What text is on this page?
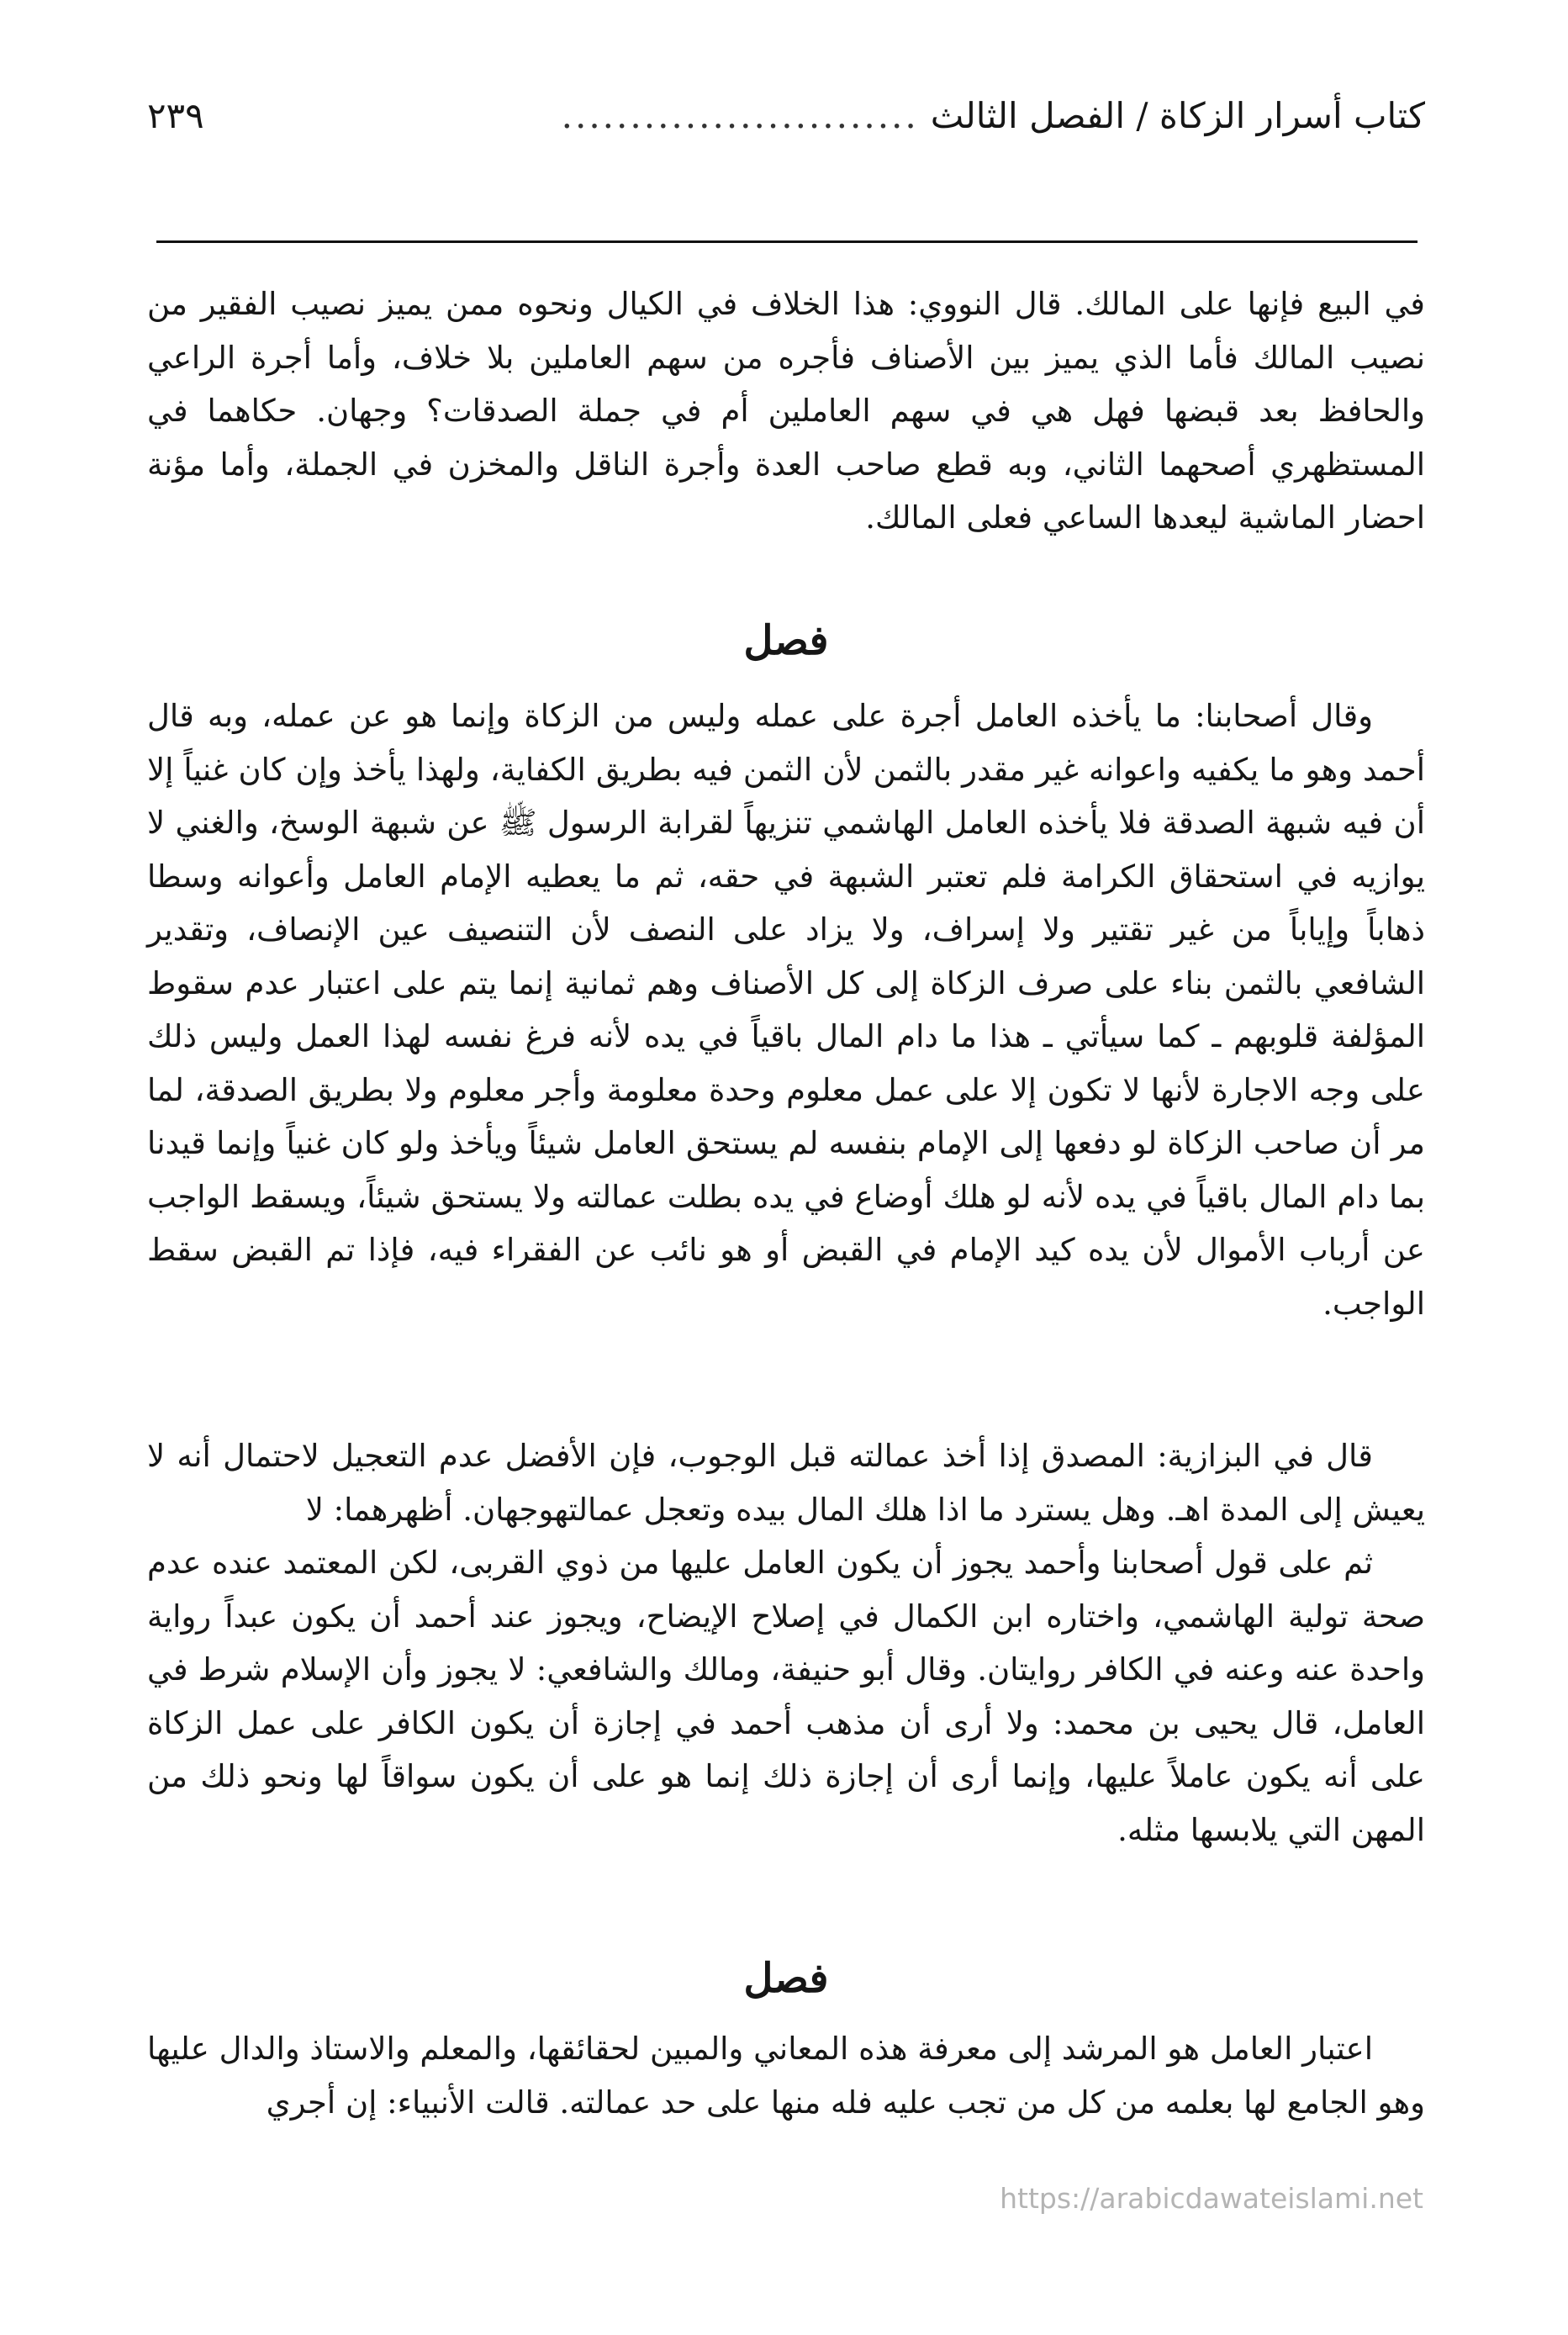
كتاب أسرار الزكاة / الفصل الثالث
..........................
٢٣٩

في البيع فإنها على المالك. قال النووي: هذا الخلاف في الكيال ونحوه ممن يميز نصيب الفقير من نصيب المالك فأما الذي يميز بين الأصناف فأجره من سهم العاملين بلا خلاف، وأما أجرة الراعي والحافظ بعد قبضها فهل هي في سهم العاملين أم في جملة الصدقات؟ وجهان. حكاهما في المستظهري أصحهما الثاني، وبه قطع صاحب العدة وأجرة الناقل والمخزن في الجملة، وأما مؤنة احضار الماشية ليعدها الساعي فعلى المالك.

فصل

وقال أصحابنا: ما يأخذه العامل أجرة على عمله وليس من الزكاة وإنما هو عن عمله، وبه قال أحمد وهو ما يكفيه واعوانه غير مقدر بالثمن لأن الثمن فيه بطريق الكفاية، ولهذا يأخذ وإن كان غنياً إلا أن فيه شبهة الصدقة فلا يأخذه العامل الهاشمي تنزيهاً لقرابة الرسول ﷺ عن شبهة الوسخ، والغني لا يوازيه في استحقاق الكرامة فلم تعتبر الشبهة في حقه، ثم ما يعطيه الإمام العامل وأعوانه وسطا ذهاباً وإياباً من غير تقتير ولا إسراف، ولا يزاد على النصف لأن التنصيف عين الإنصاف، وتقدير الشافعي بالثمن بناء على صرف الزكاة إلى كل الأصناف وهم ثمانية إنما يتم على اعتبار عدم سقوط المؤلفة قلوبهم ـ كما سيأتي ـ هذا ما دام المال باقياً في يده لأنه فرغ نفسه لهذا العمل وليس ذلك على وجه الاجارة لأنها لا تكون إلا على عمل معلوم وحدة معلومة وأجر معلوم ولا بطريق الصدقة، لما مر أن صاحب الزكاة لو دفعها إلى الإمام بنفسه لم يستحق العامل شيئاً ويأخذ ولو كان غنياً وإنما قيدنا بما دام المال باقياً في يده لأنه لو هلك أوضاع في يده بطلت عمالته ولا يستحق شيئاً، ويسقط الواجب عن أرباب الأموال لأن يده كيد الإمام في القبض أو هو نائب عن الفقراء فيه، فإذا تم القبض سقط الواجب.

قال في البزازية: المصدق إذا أخذ عمالته قبل الوجوب، فإن الأفضل عدم التعجيل لاحتمال أنه لا يعيش إلى المدة اهـ. وهل يسترد ما اذا هلك المال بيده وتعجل عمالتهوجهان. أظهرهما: لا

ثم على قول أصحابنا وأحمد يجوز أن يكون العامل عليها من ذوي القربى، لكن المعتمد عنده عدم صحة تولية الهاشمي، واختاره ابن الكمال في إصلاح الإيضاح، ويجوز عند أحمد أن يكون عبداً رواية واحدة عنه وعنه في الكافر روايتان. وقال أبو حنيفة، ومالك والشافعي: لا يجوز وأن الإسلام شرط في العامل، قال يحيى بن محمد: ولا أرى أن مذهب أحمد في إجازة أن يكون الكافر على عمل الزكاة على أنه يكون عاملاً عليها، وإنما أرى أن إجازة ذلك إنما هو على أن يكون سواقاً لها ونحو ذلك من المهن التي يلابسها مثله.

فصل

اعتبار العامل هو المرشد إلى معرفة هذه المعاني والمبين لحقائقها، والمعلم والاستاذ والدال عليها وهو الجامع لها بعلمه من كل من تجب عليه فله منها على حد عمالته. قالت الأنبياء: إن أجري

https://arabicdawateislami.net
